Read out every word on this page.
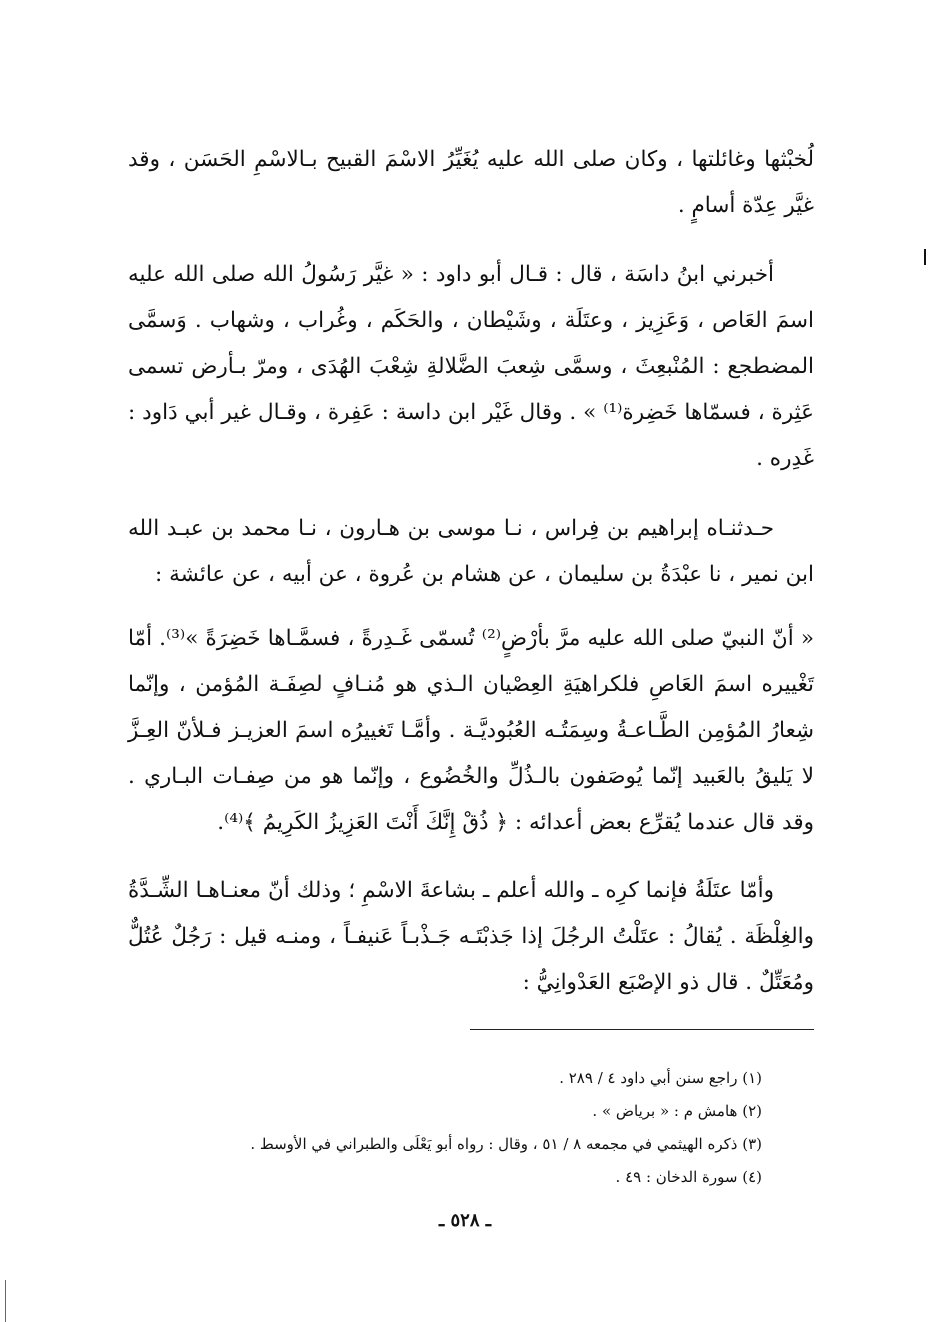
لُخبْثها وغائلتها ، وكان صلى الله عليه يُغَيِّرُ الاسْمَ القبيح بـالاسْمِ الحَسَن ، وقد غيَّر عِدّة أسامٍ .

أخبرني ابنُ داسَة ، قال : قـال أبو داود : « غيَّر رَسُولُ الله صلى الله عليه اسمَ العَاص ، وَعَزِيز ، وعتَلَة ، وشَيْطان ، والحَكَم ، وغُراب ، وشهاب . وَسمَّى المضطجع : المُنْبعِثَ ، وسمَّى شِعبَ الضَّلالةِ شِعْبَ الهُدَى ، ومرّ بـأرض تسمى عَثِرة ، فسمّاها خَضِرة⁽¹⁾ » . وقال غَيْر ابن داسة : عَفِرة ، وقـال غير أبي دَاود : غَدِره .

حـدثنـاه إبراهيم بن فِراس ، نـا موسى بن هـارون ، نـا محمد بن عبـد الله ابن نمير ، نا عبْدَةُ بن سليمان ، عن هشام بن عُروة ، عن أبيه ، عن عائشة :

« أنّ النبيّ صلى الله عليه مرَّ بأرْضٍ⁽²⁾ تُسمّى غَـدِرةً ، فسمَّـاها خَضِرَةً »⁽³⁾. أمّا تَغْييره اسمَ العَاصِ فلكراهيَةِ العِصْيان الـذي هو مُنـافٍ لصِفَـة المُؤمن ، وإنّما شِعارُ المُؤمِن الطَّـاعـةُ وسِمَتُـه العُبُوديَّـة . وأمَّـا تَغييرُه اسمَ العزيـز فـلأنّ العِـزَّ لا يَليقُ بالعَبيد إنّما يُوصَفون بالـذُلِّ والخُضُوع ، وإنّما هو من صِفـات البـاري . وقد قال عندما يُقرِّع بعض أعدائه : ﴿ ذُقْ إِنَّكَ أَنْتَ العَزِيزُ الكَرِيمُ ﴾⁽⁴⁾.

وأمّا عتَلَةُ فإنما كرِه ـ والله أعلم ـ بشاعةَ الاسْمِ ؛ وذلك أنّ معنـاهـا الشِّـدَّةُ والغِلْظَة . يُقالُ : عتَلْتُ الرجُلَ إذا جَذبْتَـه جَـذْبـاً عَنيفـاً ، ومنـه قيل : رَجُلٌ عُتُلٌّ ومُعَتِّلٌ . قال ذو الإصْبَع العَدْوانِيُّ :

(١) راجع سنن أبي داود ٤ / ٢٨٩ .
(٢) هامش م : « برياض » .
(٣) ذكره الهيثمي في مجمعه ٨ / ٥١ ، وقال : رواه أبو يَعْلَى والطبراني في الأوسط .
(٤) سورة الدخان : ٤٩ .
ـ ٥٢٨ ـ
